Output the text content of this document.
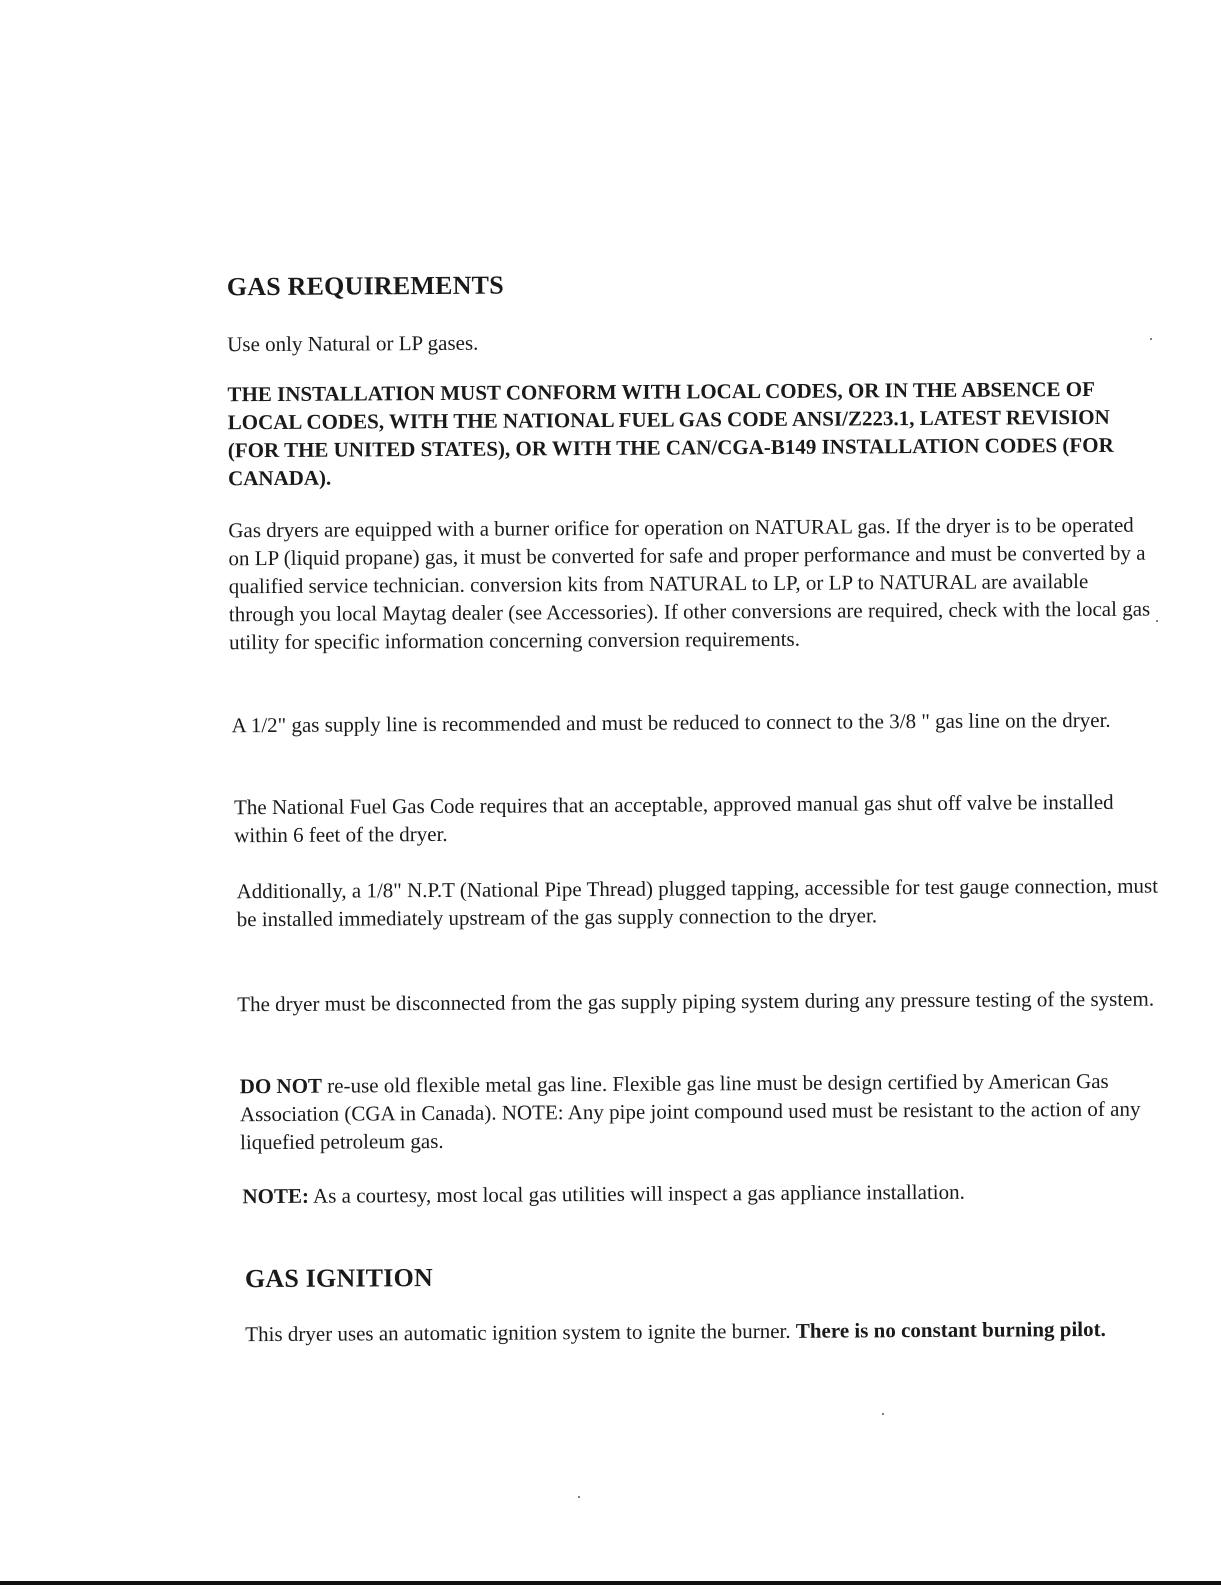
GAS REQUIREMENTS

Use only Natural or LP gases.

THE INSTALLATION MUST CONFORM WITH LOCAL CODES, OR IN THE ABSENCE OF LOCAL CODES, WITH THE NATIONAL FUEL GAS CODE ANSI/Z223.1, LATEST REVISION (FOR THE UNITED STATES), OR WITH THE CAN/CGA-B149 INSTALLATION CODES (FOR CANADA).

Gas dryers are equipped with a burner orifice for operation on NATURAL gas. If the dryer is to be operated on LP (liquid propane) gas, it must be converted for safe and proper performance and must be converted by a qualified service technician. conversion kits from NATURAL to LP, or LP to NATURAL are available through you local Maytag dealer (see Accessories). If other conversions are required, check with the local gas utility for specific information concerning conversion requirements.

A 1/2" gas supply line is recommended and must be reduced to connect to the 3/8 " gas line on the dryer.

The National Fuel Gas Code requires that an acceptable, approved manual gas shut off valve be installed within 6 feet of the dryer.

Additionally, a 1/8" N.P.T (National Pipe Thread) plugged tapping, accessible for test gauge connection, must be installed immediately upstream of the gas supply connection to the dryer.

The dryer must be disconnected from the gas supply piping system during any pressure testing of the system.

DO NOT re-use old flexible metal gas line. Flexible gas line must be design certified by American Gas Association (CGA in Canada). NOTE: Any pipe joint compound used must be resistant to the action of any liquefied petroleum gas.

NOTE: As a courtesy, most local gas utilities will inspect a gas appliance installation.

GAS IGNITION

This dryer uses an automatic ignition system to ignite the burner. There is no constant burning pilot.
